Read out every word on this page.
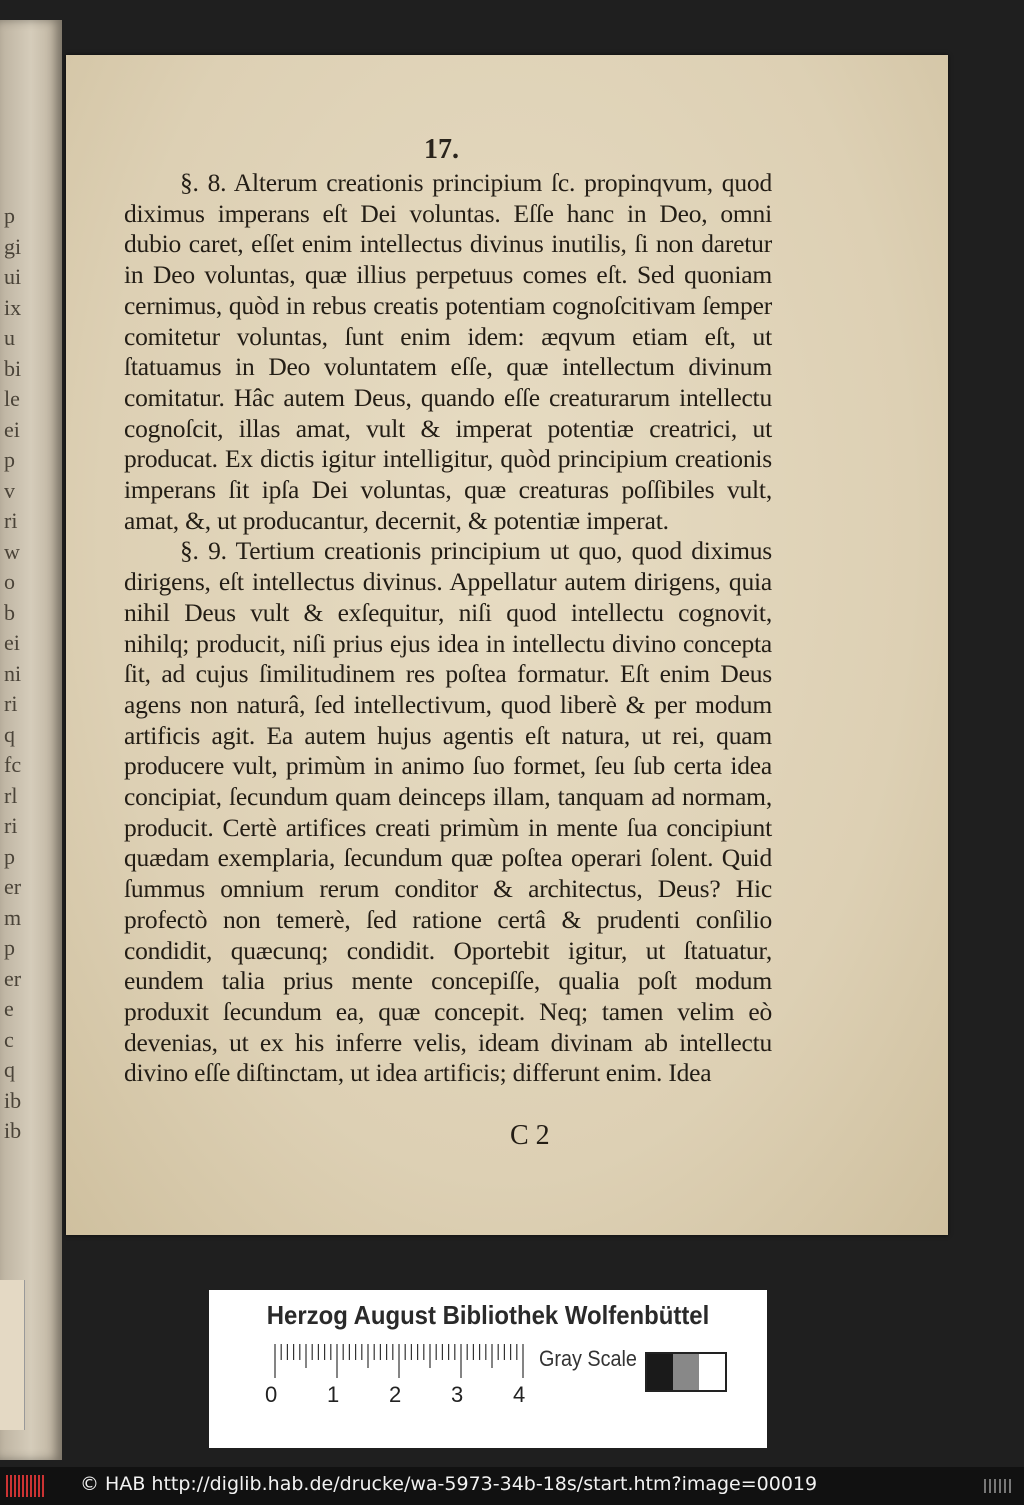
p
gi
ui
ix
u
bi
le
ei
p
v
ri
w
o
b
ei
ni
ri
q
fc
rl
ri
p
er
m
p
er
e
c
q
ib
ib
17.

§. 8. Alterum creationis principium ſc. propinqvum, quod diximus imperans eſt Dei voluntas. Eſſe hanc in Deo, omni dubio caret, eſſet enim intellectus divinus inutilis, ſi non daretur in Deo voluntas, quæ illius perpetuus comes eſt. Sed quoniam cernimus, quòd in rebus creatis potentiam cognoſcitivam ſemper comitetur voluntas, ſunt enim idem: æqvum etiam eſt, ut ſtatuamus in Deo voluntatem eſſe, quæ intellectum divinum comitatur. Hâc autem Deus, quando eſſe creaturarum intellectu cognoſcit, illas amat, vult & imperat potentiæ creatrici, ut producat. Ex dictis igitur intelligitur, quòd principium creationis imperans ſit ipſa Dei voluntas, quæ creaturas poſſibiles vult, amat, &, ut producantur, decernit, & potentiæ imperat.

§. 9. Tertium creationis principium ut quo, quod diximus dirigens, eſt intellectus divinus. Appellatur autem dirigens, quia nihil Deus vult & exſequitur, niſi quod intellectu cognovit, nihilq; producit, niſi prius ejus idea in intellectu divino concepta ſit, ad cujus ſimilitudinem res poſtea formatur. Eſt enim Deus agens non naturâ, ſed intellectivum, quod liberè & per modum artificis agit. Ea autem hujus agentis eſt natura, ut rei, quam producere vult, primùm in animo ſuo formet, ſeu ſub certa idea concipiat, ſecundum quam deinceps illam, tanquam ad normam, producit. Certè artifices creati primùm in mente ſua concipiunt quædam exemplaria, ſecundum quæ poſtea operari ſolent. Quid ſummus omnium rerum conditor & architectus, Deus? Hic profectò non temerè, ſed ratione certâ & prudenti conſilio condidit, quæcunq; condidit. Oportebit igitur, ut ſtatuatur, eundem talia prius mente concepiſſe, qualia poſt modum produxit ſecundum ea, quæ concepit. Neq; tamen velim eò devenias, ut ex his inferre velis, ideam divinam ab intellectu divino eſſe diſtinctam, ut idea artificis; differunt enim. Idea

C 2
Herzog August Bibliothek Wolfenbüttel
0 1 2 3 4
Gray Scale
© HAB http://diglib.hab.de/drucke/wa-5973-34b-18s/start.htm?image=00019
